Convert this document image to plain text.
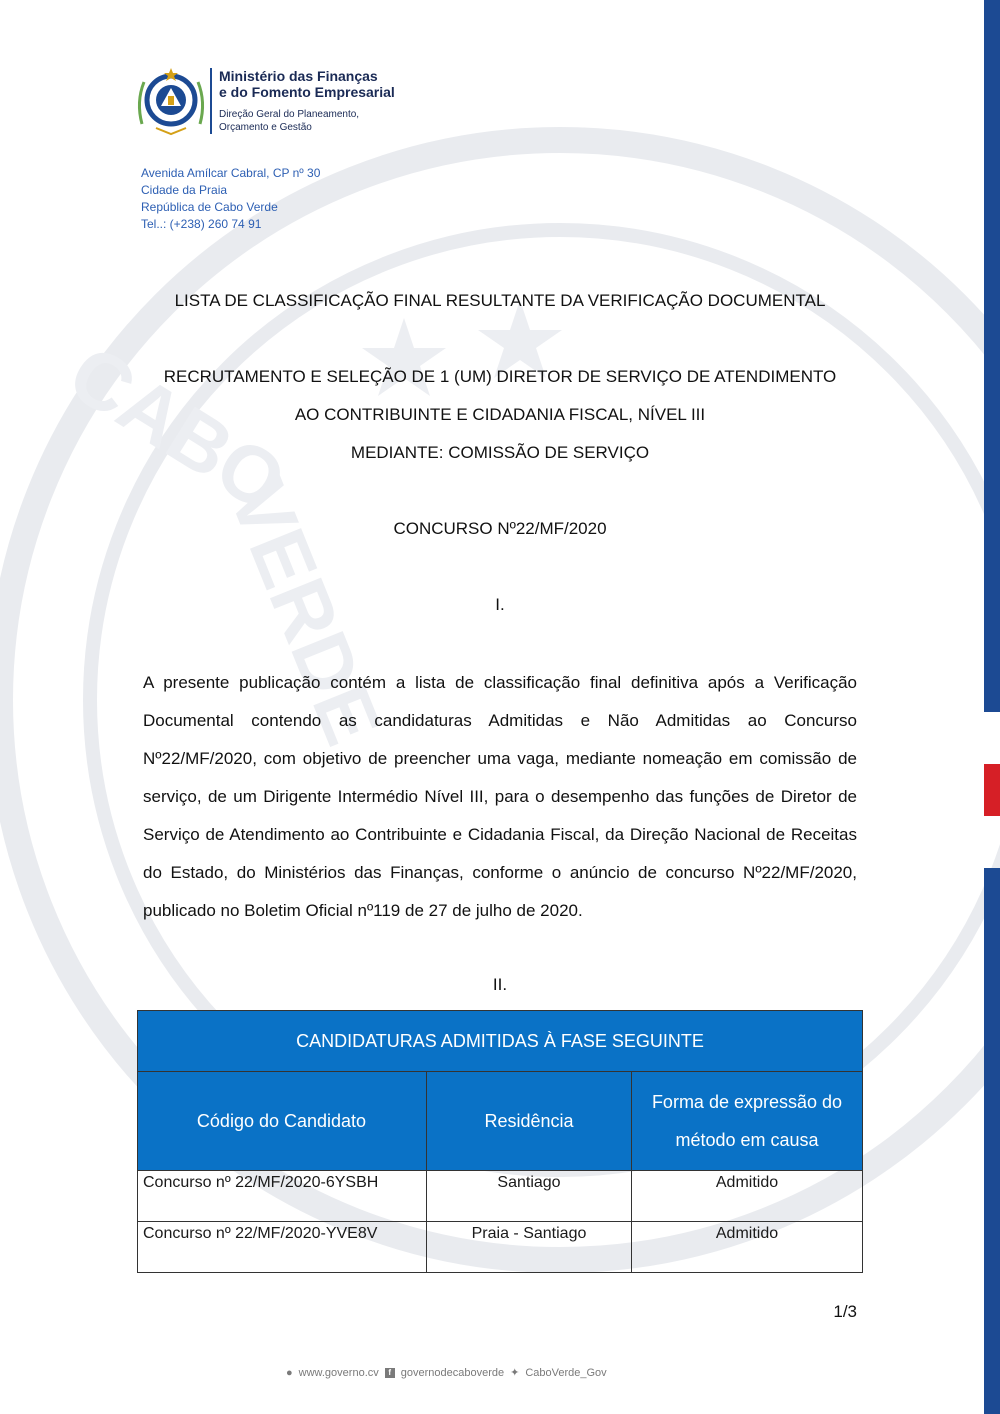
CABO
VERDE
Ministério das Finanças
e do Fomento Empresarial
Direção Geral do Planeamento,
Orçamento e Gestão
Avenida Amílcar Cabral, CP nº 30
Cidade da Praia
República de Cabo Verde
Tel..: (+238) 260 74 91
LISTA DE CLASSIFICAÇÃO FINAL RESULTANTE DA VERIFICAÇÃO DOCUMENTAL
RECRUTAMENTO E SELEÇÃO DE 1 (UM) DIRETOR DE SERVIÇO DE ATENDIMENTO
AO CONTRIBUINTE E CIDADANIA FISCAL, NÍVEL III
MEDIANTE: COMISSÃO DE SERVIÇO
CONCURSO Nº22/MF/2020
I.

A presente publicação contém a lista de classificação final definitiva após a Verificação Documental contendo as candidaturas Admitidas e Não Admitidas ao Concurso Nº22/MF/2020, com objetivo de preencher uma vaga, mediante nomeação em comissão de serviço, de um Dirigente Intermédio Nível III, para o desempenho das funções de Diretor de Serviço de Atendimento ao Contribuinte e Cidadania Fiscal, da Direção Nacional de Receitas do Estado, do Ministérios das Finanças, conforme o anúncio de concurso Nº22/MF/2020, publicado no Boletim Oficial nº119 de 27 de julho de 2020.

II.
CANDIDATURAS ADMITIDAS À FASE SEGUINTE		
Código do Candidato	Residência	Forma de expressão do método em causa
Concurso nº 22/MF/2020-6YSBH	Santiago	Admitido
Concurso nº 22/MF/2020-YVE8V	Praia - Santiago	Admitido
1/3
● www.governo.cv	f governodecaboverde ✦ CaboVerde_Gov
